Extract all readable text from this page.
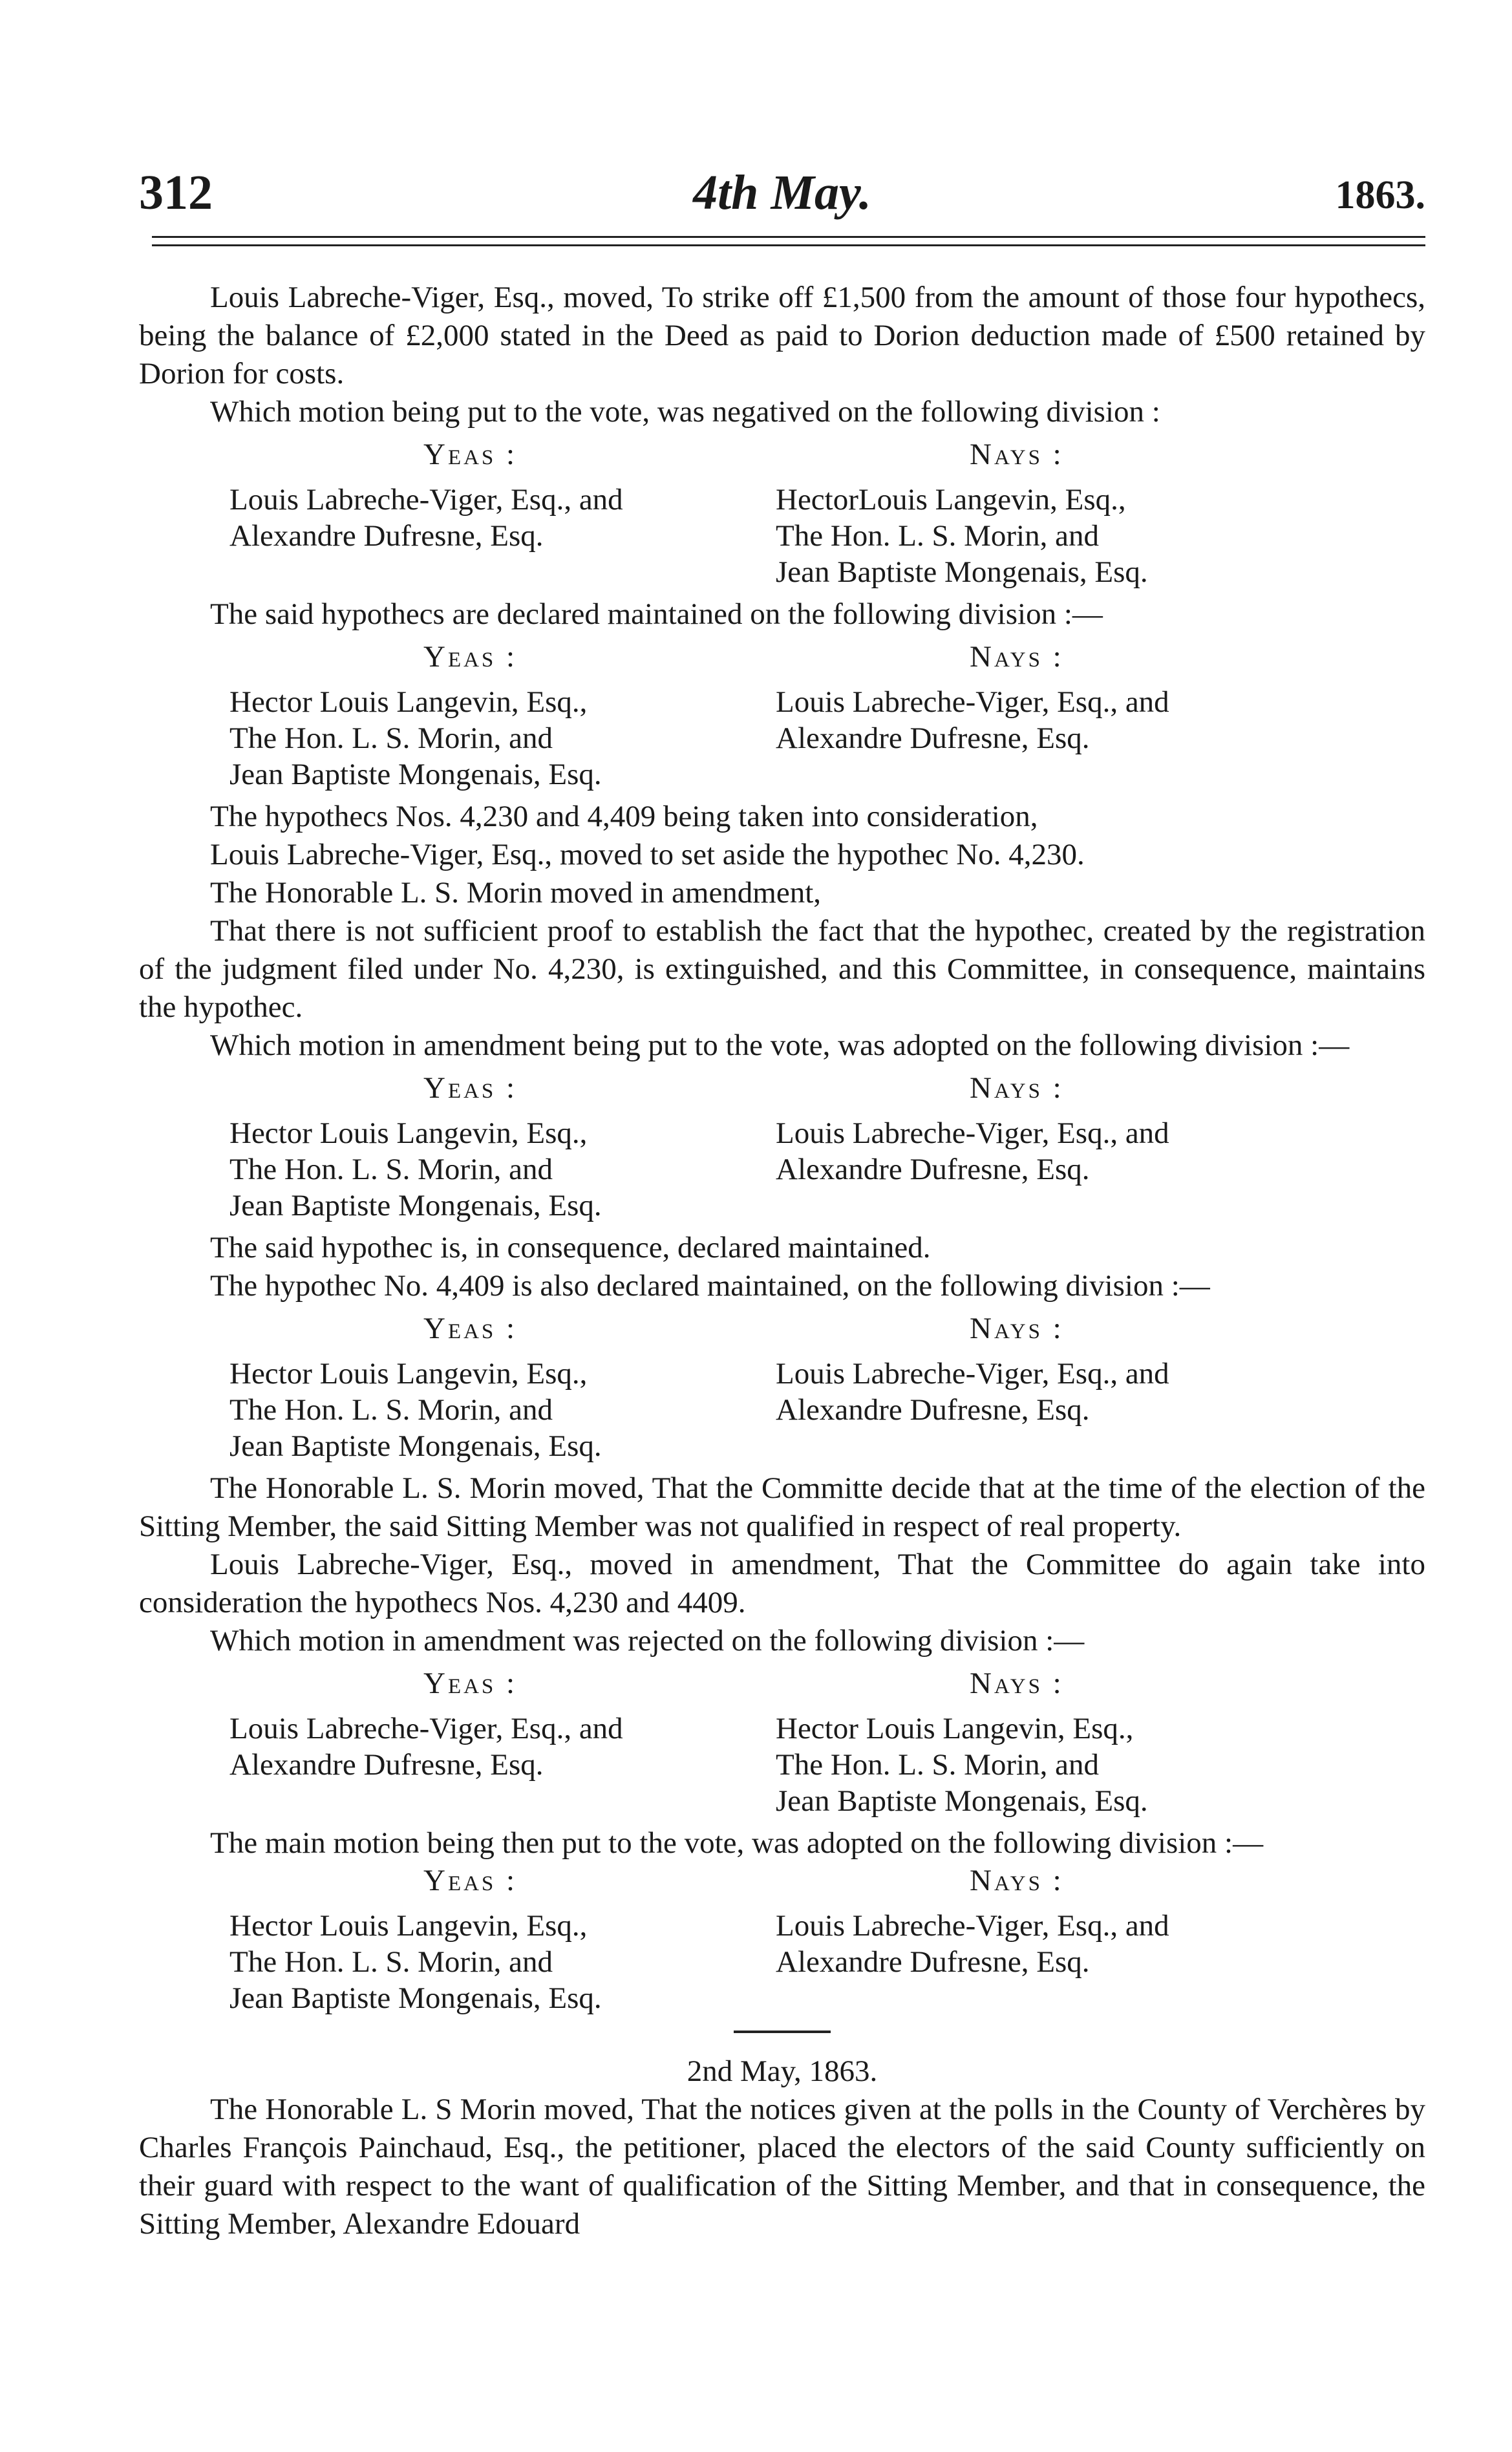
312	4th May.	1863.

Louis Labreche-Viger, Esq., moved, To strike off £1,500 from the amount of those four hypothecs, being the balance of £2,000 stated in the Deed as paid to Dorion deduction made of £500 retained by Dorion for costs.

Which motion being put to the vote, was negatived on the following division :

Yeas :
Louis Labreche-Viger, Esq., and
Alexandre Dufresne, Esq.
Nays :
HectorLouis Langevin, Esq.,
The Hon. L. S. Morin, and
Jean Baptiste Mongenais, Esq.

The said hypothecs are declared maintained on the following division :—

Yeas :
Hector Louis Langevin, Esq.,
The Hon. L. S. Morin, and
Jean Baptiste Mongenais, Esq.
Nays :
Louis Labreche-Viger, Esq., and
Alexandre Dufresne, Esq.

The hypothecs Nos. 4,230 and 4,409 being taken into consideration,

Louis Labreche-Viger, Esq., moved to set aside the hypothec No. 4,230.

The Honorable L. S. Morin moved in amendment,

That there is not sufficient proof to establish the fact that the hypothec, created by the registration of the judgment filed under No. 4,230, is extinguished, and this Committee, in consequence, maintains the hypothec.

Which motion in amendment being put to the vote, was adopted on the following division :—

Yeas :
Hector Louis Langevin, Esq.,
The Hon. L. S. Morin, and
Jean Baptiste Mongenais, Esq.
Nays :
Louis Labreche-Viger, Esq., and
Alexandre Dufresne, Esq.

The said hypothec is, in consequence, declared maintained.

The hypothec No. 4,409 is also declared maintained, on the following division :—

Yeas :
Hector Louis Langevin, Esq.,
The Hon. L. S. Morin, and
Jean Baptiste Mongenais, Esq.
Nays :
Louis Labreche-Viger, Esq., and
Alexandre Dufresne, Esq.

The Honorable L. S. Morin moved, That the Committe decide that at the time of the election of the Sitting Member, the said Sitting Member was not qualified in respect of real property.

Louis Labreche-Viger, Esq., moved in amendment, That the Committee do again take into consideration the hypothecs Nos. 4,230 and 4409.

Which motion in amendment was rejected on the following division :—

Yeas :
Louis Labreche-Viger, Esq., and
Alexandre Dufresne, Esq.
Nays :
Hector Louis Langevin, Esq.,
The Hon. L. S. Morin, and
Jean Baptiste Mongenais, Esq.

The main motion being then put to the vote, was adopted on the following division :—

Yeas :
Hector Louis Langevin, Esq.,
The Hon. L. S. Morin, and
Jean Baptiste Mongenais, Esq.
Nays :
Louis Labreche-Viger, Esq., and
Alexandre Dufresne, Esq.
2nd May, 1863.

The Honorable L. S Morin moved, That the notices given at the polls in the County of Verchères by Charles François Painchaud, Esq., the petitioner, placed the electors of the said County sufficiently on their guard with respect to the want of qualification of the Sitting Member, and that in consequence, the Sitting Member, Alexandre Edouard
